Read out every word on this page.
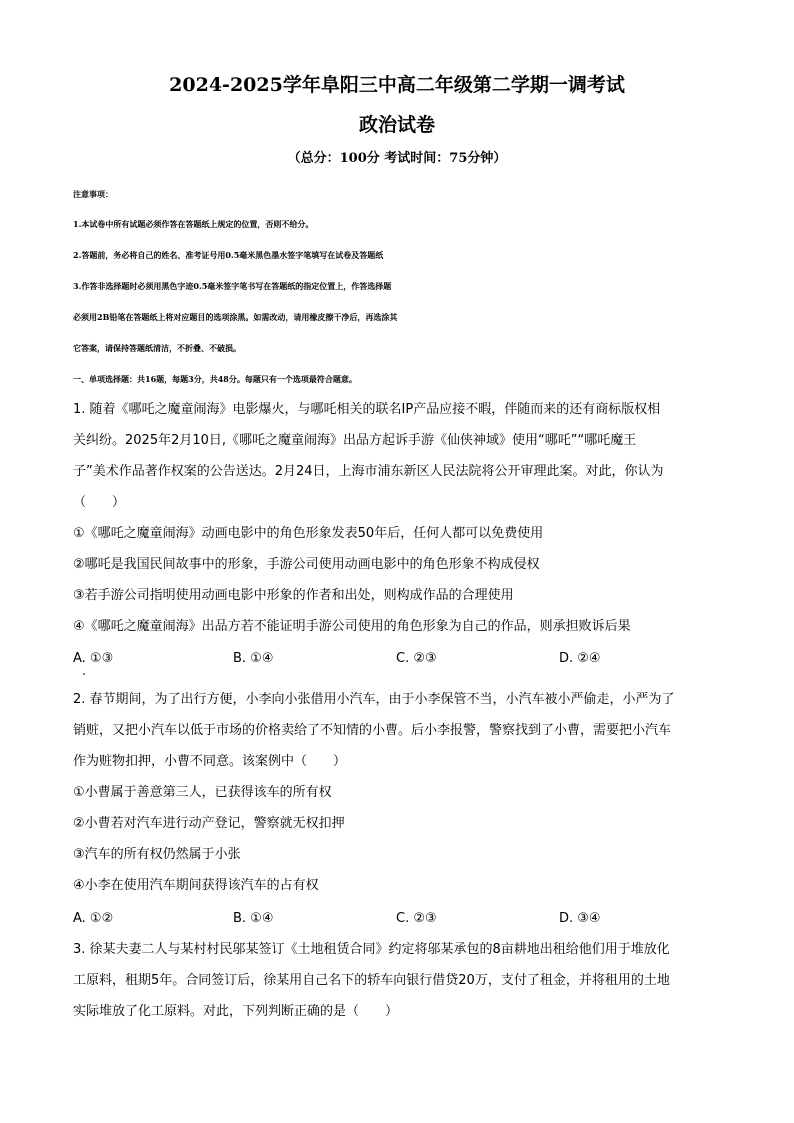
2024-2025学年阜阳三中高二年级第二学期一调考试
政治试卷
（总分：100分 考试时间：75分钟）
注意事项：
1.本试卷中所有试题必须作答在答题纸上规定的位置，否则不给分。
2.答题前，务必将自己的姓名、准考证号用0.5毫米黑色墨水签字笔填写在试卷及答题纸
3.作答非选择题时必须用黑色字迹0.5毫米签字笔书写在答题纸的指定位置上，作答选择题
必须用2B铅笔在答题纸上将对应题目的选项涂黑。如需改动，请用橡皮擦干净后，再选涂其
它答案，请保持答题纸清洁，不折叠、不破损。
一、单项选择题：共16题，每题3分，共48分。每题只有一个选项最符合题意。
1. 随着《哪吒之魔童闹海》电影爆火，与哪吒相关的联名IP产品应接不暇，伴随而来的还有商标版权相
关纠纷。2025年2月10日,《哪吒之魔童闹海》出品方起诉手游《仙侠神域》使用“哪吒”“哪吒魔王
子”美术作品著作权案的公告送达。2月24日，上海市浦东新区人民法院将公开审理此案。对此，你认为
（　　）
①《哪吒之魔童闹海》动画电影中的角色形象发表50年后，任何人都可以免费使用
②哪吒是我国民间故事中的形象，手游公司使用动画电影中的角色形象不构成侵权
③若手游公司指明使用动画电影中形象的作者和出处，则构成作品的合理使用
④《哪吒之魔童闹海》出品方若不能证明手游公司使用的角色形象为自己的作品，则承担败诉后果
A. ①③	B. ①④	C. ②③	D. ②④
2. 春节期间，为了出行方便，小李向小张借用小汽车，由于小李保管不当，小汽车被小严偷走，小严为了
销赃，又把小汽车以低于市场的价格卖给了不知情的小曹。后小李报警，警察找到了小曹，需要把小汽车
作为赃物扣押，小曹不同意。该案例中（　　）
①小曹属于善意第三人，已获得该车的所有权
②小曹若对汽车进行动产登记，警察就无权扣押
③汽车的所有权仍然属于小张
④小李在使用汽车期间获得该汽车的占有权
A. ①②	B. ①④	C. ②③	D. ③④
3. 徐某夫妻二人与某村村民邬某签订《土地租赁合同》约定将邬某承包的8亩耕地出租给他们用于堆放化
工原料，租期5年。合同签订后，徐某用自己名下的轿车向银行借贷20万，支付了租金，并将租用的土地
实际堆放了化工原料。对此，下列判断正确的是（　　）
